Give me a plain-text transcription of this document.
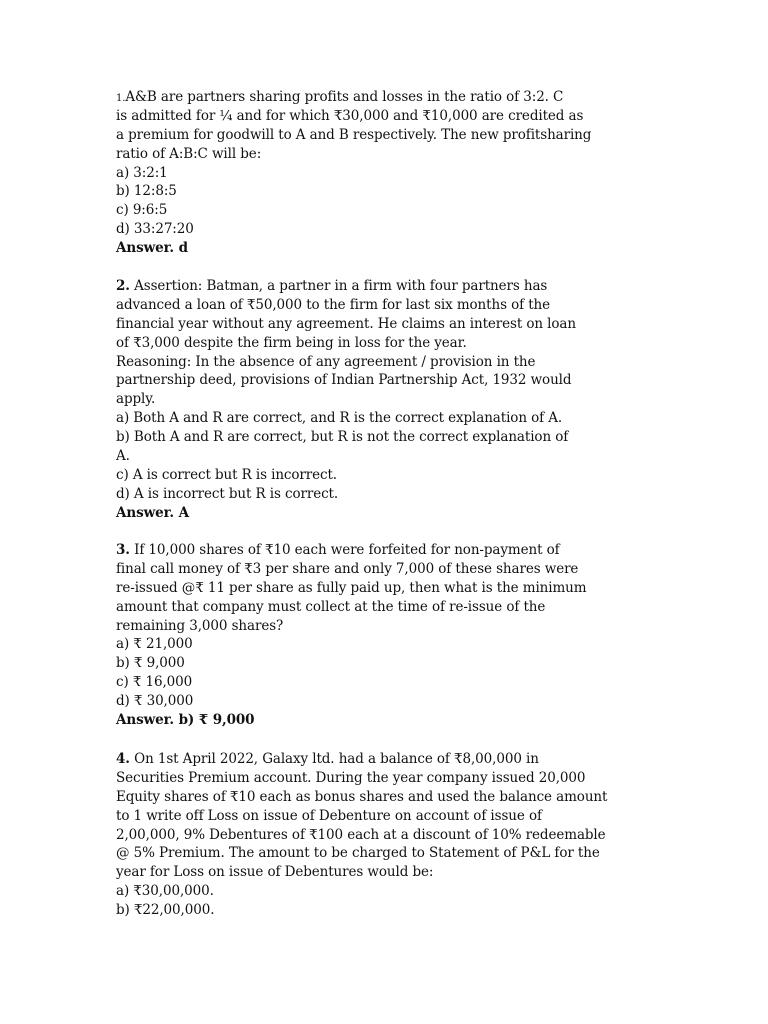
1.A&B are partners sharing profits and losses in the ratio of 3:2. C
is admitted for ¼ and for which ₹30,000 and ₹10,000 are credited as
a premium for goodwill to A and B respectively. The new profitsharing
ratio of A:B:C will be:
a) 3:2:1
b) 12:8:5
c) 9:6:5
d) 33:27:20
Answer. d
2. Assertion: Batman, a partner in a firm with four partners has
advanced a loan of ₹50,000 to the firm for last six months of the
financial year without any agreement. He claims an interest on loan
of ₹3,000 despite the firm being in loss for the year.
Reasoning: In the absence of any agreement / provision in the
partnership deed, provisions of Indian Partnership Act, 1932 would
apply.
a) Both A and R are correct, and R is the correct explanation of A.
b) Both A and R are correct, but R is not the correct explanation of
A.
c) A is correct but R is incorrect.
d) A is incorrect but R is correct.
Answer. A
3. If 10,000 shares of ₹10 each were forfeited for non-payment of
final call money of ₹3 per share and only 7,000 of these shares were
re-issued @₹ 11 per share as fully paid up, then what is the minimum
amount that company must collect at the time of re-issue of the
remaining 3,000 shares?
a) ₹ 21,000
b) ₹ 9,000
c) ₹ 16,000
d) ₹ 30,000
Answer. b) ₹ 9,000
4. On 1st April 2022, Galaxy ltd. had a balance of ₹8,00,000 in
Securities Premium account. During the year company issued 20,000
Equity shares of ₹10 each as bonus shares and used the balance amount
to 1 write off Loss on issue of Debenture on account of issue of
2,00,000, 9% Debentures of ₹100 each at a discount of 10% redeemable
@ 5% Premium. The amount to be charged to Statement of P&L for the
year for Loss on issue of Debentures would be:
a) ₹30,00,000.
b) ₹22,00,000.
